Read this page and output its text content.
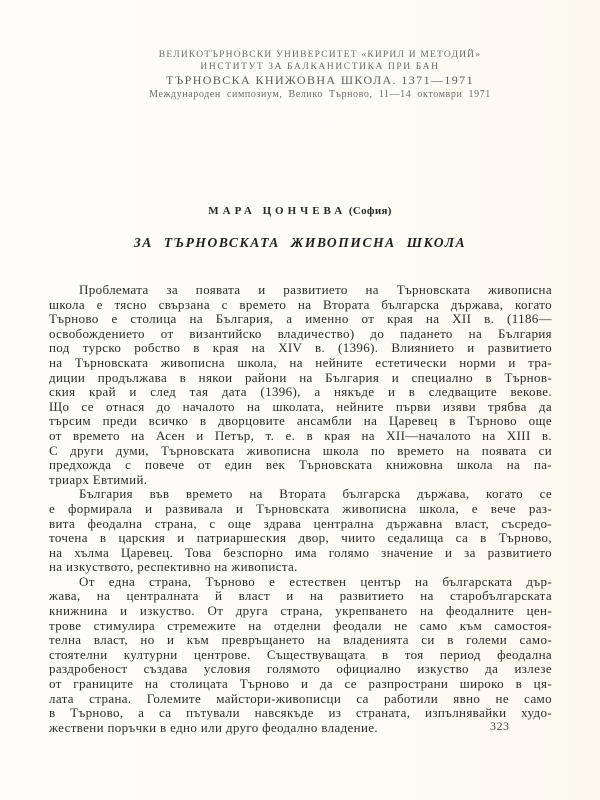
ВЕЛИКОТЪРНОВСКИ УНИВЕРСИТЕТ «КИРИЛ И МЕТОДИЙ»
ИНСТИТУТ ЗА БАЛКАНИСТИКА ПРИ БАН
ТЪРНОВСКА КНИЖОВНА ШКОЛА. 1371—1971
Международен симпозиум, Велико Търново, 11—14 октомври 1971
МАРА ЦОНЧЕВА (София)
ЗА ТЪРНОВСКАТА ЖИВОПИСНА ШКОЛА
Проблемата за появата и развитието на Търновската живописна
школа е тясно свързана с времето на Втората българска държава, когато
Търново е столица на България, а именно от края на XII в. (1186—
освобождението от византийско владичество) до падането на България
под турско робство в края на XIV в. (1396). Влиянието и развитието
на Търновската живописна школа, на нейните естетически норми и тра-
диции продължава в някои райони на България и специално в Търнов-
ския край и след тая дата (1396), а някъде и в следващите векове.
Що се отнася до началото на школата, нейните първи изяви трябва да
търсим преди всичко в дворцовите ансамбли на Царевец в Търново още
от времето на Асен и Петър, т. е. в края на XII—началото на XIII в.
С други думи, Търновската живописна школа по времето на появата си
предхожда с повече от един век Търновската книжовна школа на па-
триарх Евтимий.
България във времето на Втората българска държава, когато се
е формирала и развивала и Търновската живописна школа, е вече раз-
вита феодална страна, с още здрава централна държавна власт, съсредо-
точена в царския и патриаршеския двор, чиито седалища са в Търново,
на хълма Царевец. Това безспорно има голямо значение и за развитието
на изкуството, респективно на живописта.
От една страна, Търново е естествен център на българската дър-
жава, на централната й власт и на развитието на старобългарската
книжнина и изкуство. От друга страна, укрепването на феодалните цен-
трове стимулира стремежите на отделни феодали не само към самостоя-
телна власт, но и към превръщането на владенията си в големи само-
стоятелни културни центрове. Съществуващата в тоя период феодална
раздробеност създава условия голямото официално изкуство да излезе
от границите на столицата Търново и да се разпространи широко в ця-
лата страна. Големите майстори-живописци са работили явно не само
в Търново, а са пътували навсякъде из страната, изпълнявайки худо-
жествени поръчки в едно или друго феодално владение.	323
